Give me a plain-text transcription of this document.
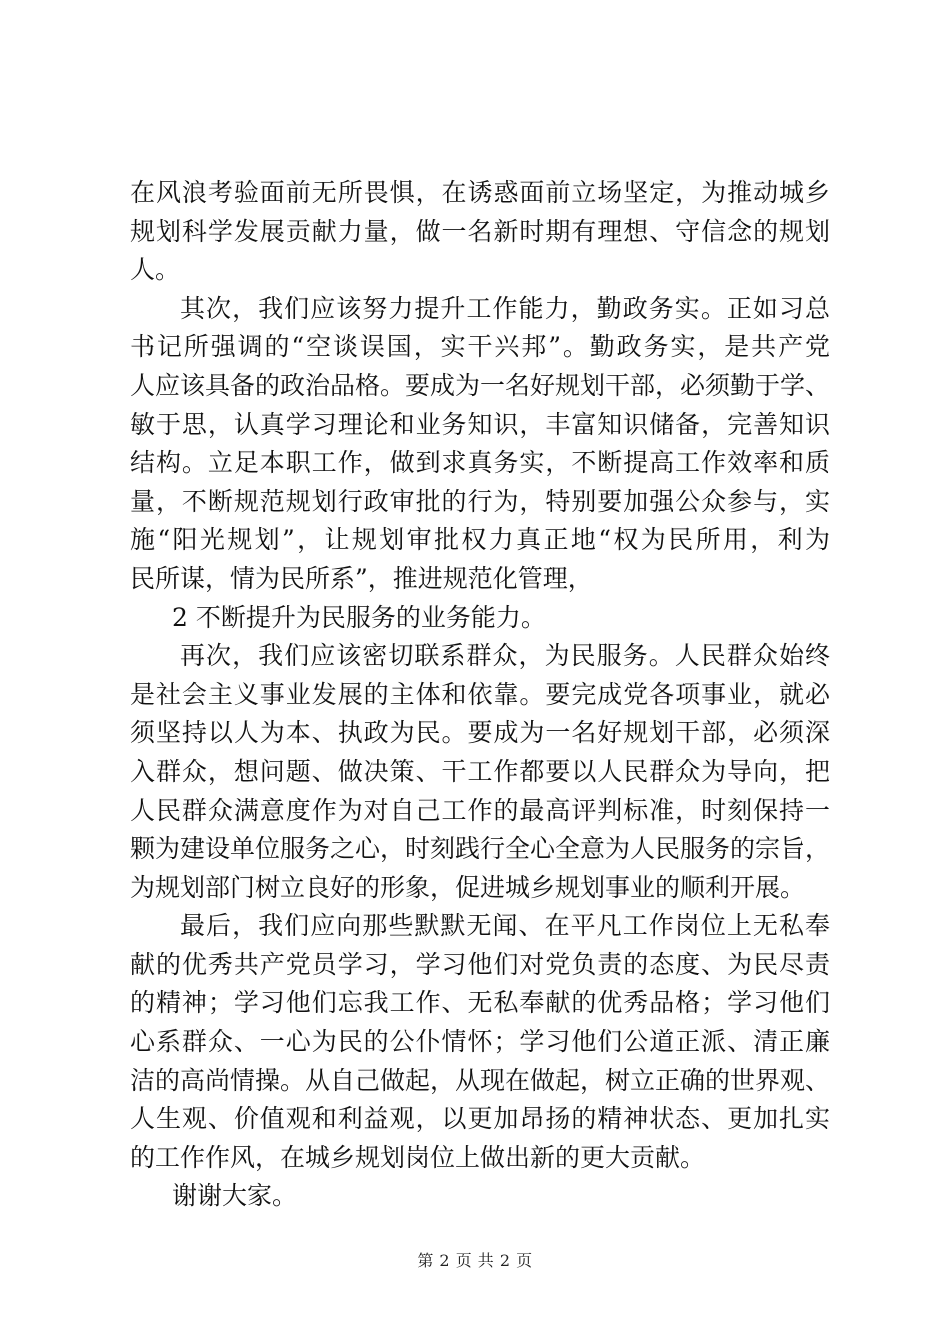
在风浪考验面前无所畏惧，在诱惑面前立场坚定，为推动城乡
规划科学发展贡献力量，做一名新时期有理想、守信念的规划
人。
其次，我们应该努力提升工作能力，勤政务实。正如习总
书记所强调的“空谈误国，实干兴邦”。勤政务实，是共产党
人应该具备的政治品格。要成为一名好规划干部，必须勤于学、
敏于思，认真学习理论和业务知识，丰富知识储备，完善知识
结构。立足本职工作，做到求真务实，不断提高工作效率和质
量，不断规范规划行政审批的行为，特别要加强公众参与，实
施“阳光规划”，让规划审批权力真正地“权为民所用，利为
民所谋，情为民所系”，推进规范化管理，
2 不断提升为民服务的业务能力。
再次，我们应该密切联系群众，为民服务。人民群众始终
是社会主义事业发展的主体和依靠。要完成党各项事业，就必
须坚持以人为本、执政为民。要成为一名好规划干部，必须深
入群众，想问题、做决策、干工作都要以人民群众为导向，把
人民群众满意度作为对自己工作的最高评判标准，时刻保持一
颗为建设单位服务之心，时刻践行全心全意为人民服务的宗旨，
为规划部门树立良好的形象，促进城乡规划事业的顺利开展。
最后，我们应向那些默默无闻、在平凡工作岗位上无私奉
献的优秀共产党员学习，学习他们对党负责的态度、为民尽责
的精神；学习他们忘我工作、无私奉献的优秀品格；学习他们
心系群众、一心为民的公仆情怀；学习他们公道正派、清正廉
洁的高尚情操。从自己做起，从现在做起，树立正确的世界观、
人生观、价值观和利益观，以更加昂扬的精神状态、更加扎实
的工作作风，在城乡规划岗位上做出新的更大贡献。
谢谢大家。
第 2 页 共 2 页
